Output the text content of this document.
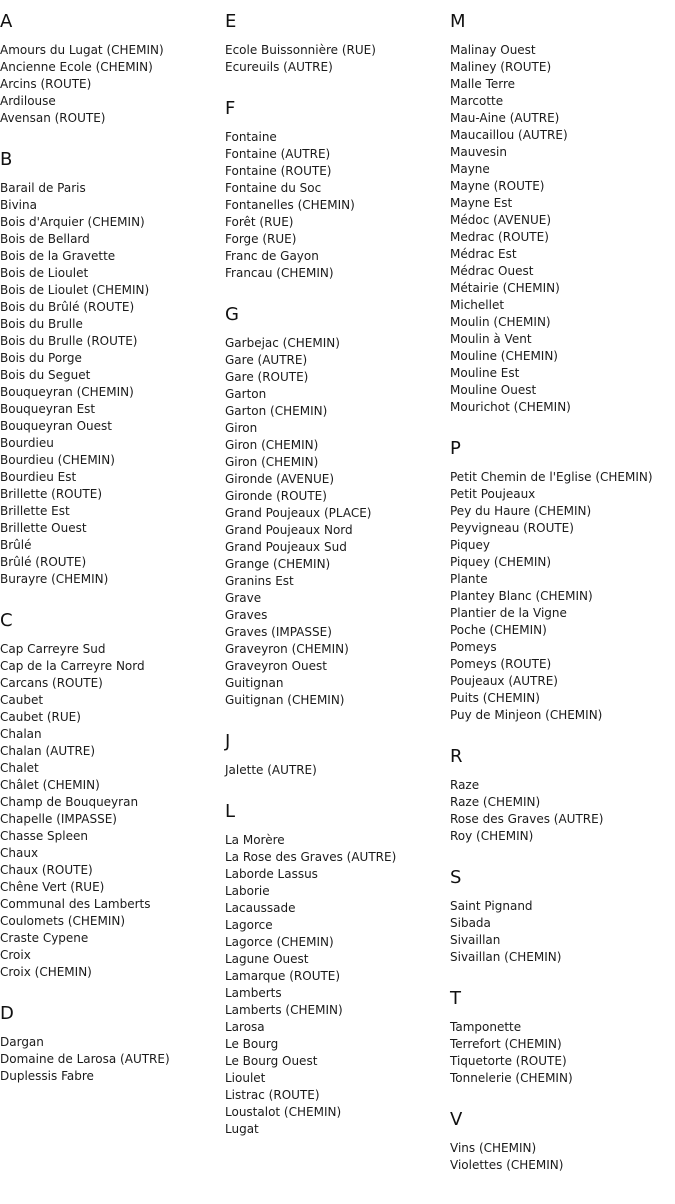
A
Amours du Lugat (CHEMIN)
Ancienne Ecole (CHEMIN)
Arcins (ROUTE)
Ardilouse
Avensan (ROUTE)
B
Barail de Paris
Bivina
Bois d'Arquier (CHEMIN)
Bois de Bellard
Bois de la Gravette
Bois de Lioulet
Bois de Lioulet (CHEMIN)
Bois du Brûlé (ROUTE)
Bois du Brulle
Bois du Brulle (ROUTE)
Bois du Porge
Bois du Seguet
Bouqueyran (CHEMIN)
Bouqueyran Est
Bouqueyran Ouest
Bourdieu
Bourdieu (CHEMIN)
Bourdieu Est
Brillette (ROUTE)
Brillette Est
Brillette Ouest
Brûlé
Brûlé (ROUTE)
Burayre (CHEMIN)
C
Cap Carreyre Sud
Cap de la Carreyre Nord
Carcans (ROUTE)
Caubet
Caubet (RUE)
Chalan
Chalan (AUTRE)
Chalet
Châlet (CHEMIN)
Champ de Bouqueyran
Chapelle (IMPASSE)
Chasse Spleen
Chaux
Chaux (ROUTE)
Chêne Vert (RUE)
Communal des Lamberts
Coulomets (CHEMIN)
Craste Cypene
Croix
Croix (CHEMIN)
D
Dargan
Domaine de Larosa (AUTRE)
Duplessis Fabre
E
Ecole Buissonnière (RUE)
Ecureuils (AUTRE)
F
Fontaine
Fontaine (AUTRE)
Fontaine (ROUTE)
Fontaine du Soc
Fontanelles (CHEMIN)
Forêt (RUE)
Forge (RUE)
Franc de Gayon
Francau (CHEMIN)
G
Garbejac (CHEMIN)
Gare (AUTRE)
Gare (ROUTE)
Garton
Garton (CHEMIN)
Giron
Giron (CHEMIN)
Giron (CHEMIN)
Gironde (AVENUE)
Gironde (ROUTE)
Grand Poujeaux (PLACE)
Grand Poujeaux Nord
Grand Poujeaux Sud
Grange (CHEMIN)
Granins Est
Grave
Graves
Graves (IMPASSE)
Graveyron (CHEMIN)
Graveyron Ouest
Guitignan
Guitignan (CHEMIN)
J
Jalette (AUTRE)
L
La Morère
La Rose des Graves (AUTRE)
Laborde Lassus
Laborie
Lacaussade
Lagorce
Lagorce (CHEMIN)
Lagune Ouest
Lamarque (ROUTE)
Lamberts
Lamberts (CHEMIN)
Larosa
Le Bourg
Le Bourg Ouest
Lioulet
Listrac (ROUTE)
Loustalot (CHEMIN)
Lugat
M
Malinay Ouest
Maliney (ROUTE)
Malle Terre
Marcotte
Mau-Aine (AUTRE)
Maucaillou (AUTRE)
Mauvesin
Mayne
Mayne (ROUTE)
Mayne Est
Médoc (AVENUE)
Medrac (ROUTE)
Médrac Est
Médrac Ouest
Métairie (CHEMIN)
Michellet
Moulin (CHEMIN)
Moulin à Vent
Mouline (CHEMIN)
Mouline Est
Mouline Ouest
Mourichot (CHEMIN)
P
Petit Chemin de l'Eglise (CHEMIN)
Petit Poujeaux
Pey du Haure (CHEMIN)
Peyvigneau (ROUTE)
Piquey
Piquey (CHEMIN)
Plante
Plantey Blanc (CHEMIN)
Plantier de la Vigne
Poche (CHEMIN)
Pomeys
Pomeys (ROUTE)
Poujeaux (AUTRE)
Puits (CHEMIN)
Puy de Minjeon (CHEMIN)
R
Raze
Raze (CHEMIN)
Rose des Graves (AUTRE)
Roy (CHEMIN)
S
Saint Pignand
Sibada
Sivaillan
Sivaillan (CHEMIN)
T
Tamponette
Terrefort (CHEMIN)
Tiquetorte (ROUTE)
Tonnelerie (CHEMIN)
V
Vins (CHEMIN)
Violettes (CHEMIN)
